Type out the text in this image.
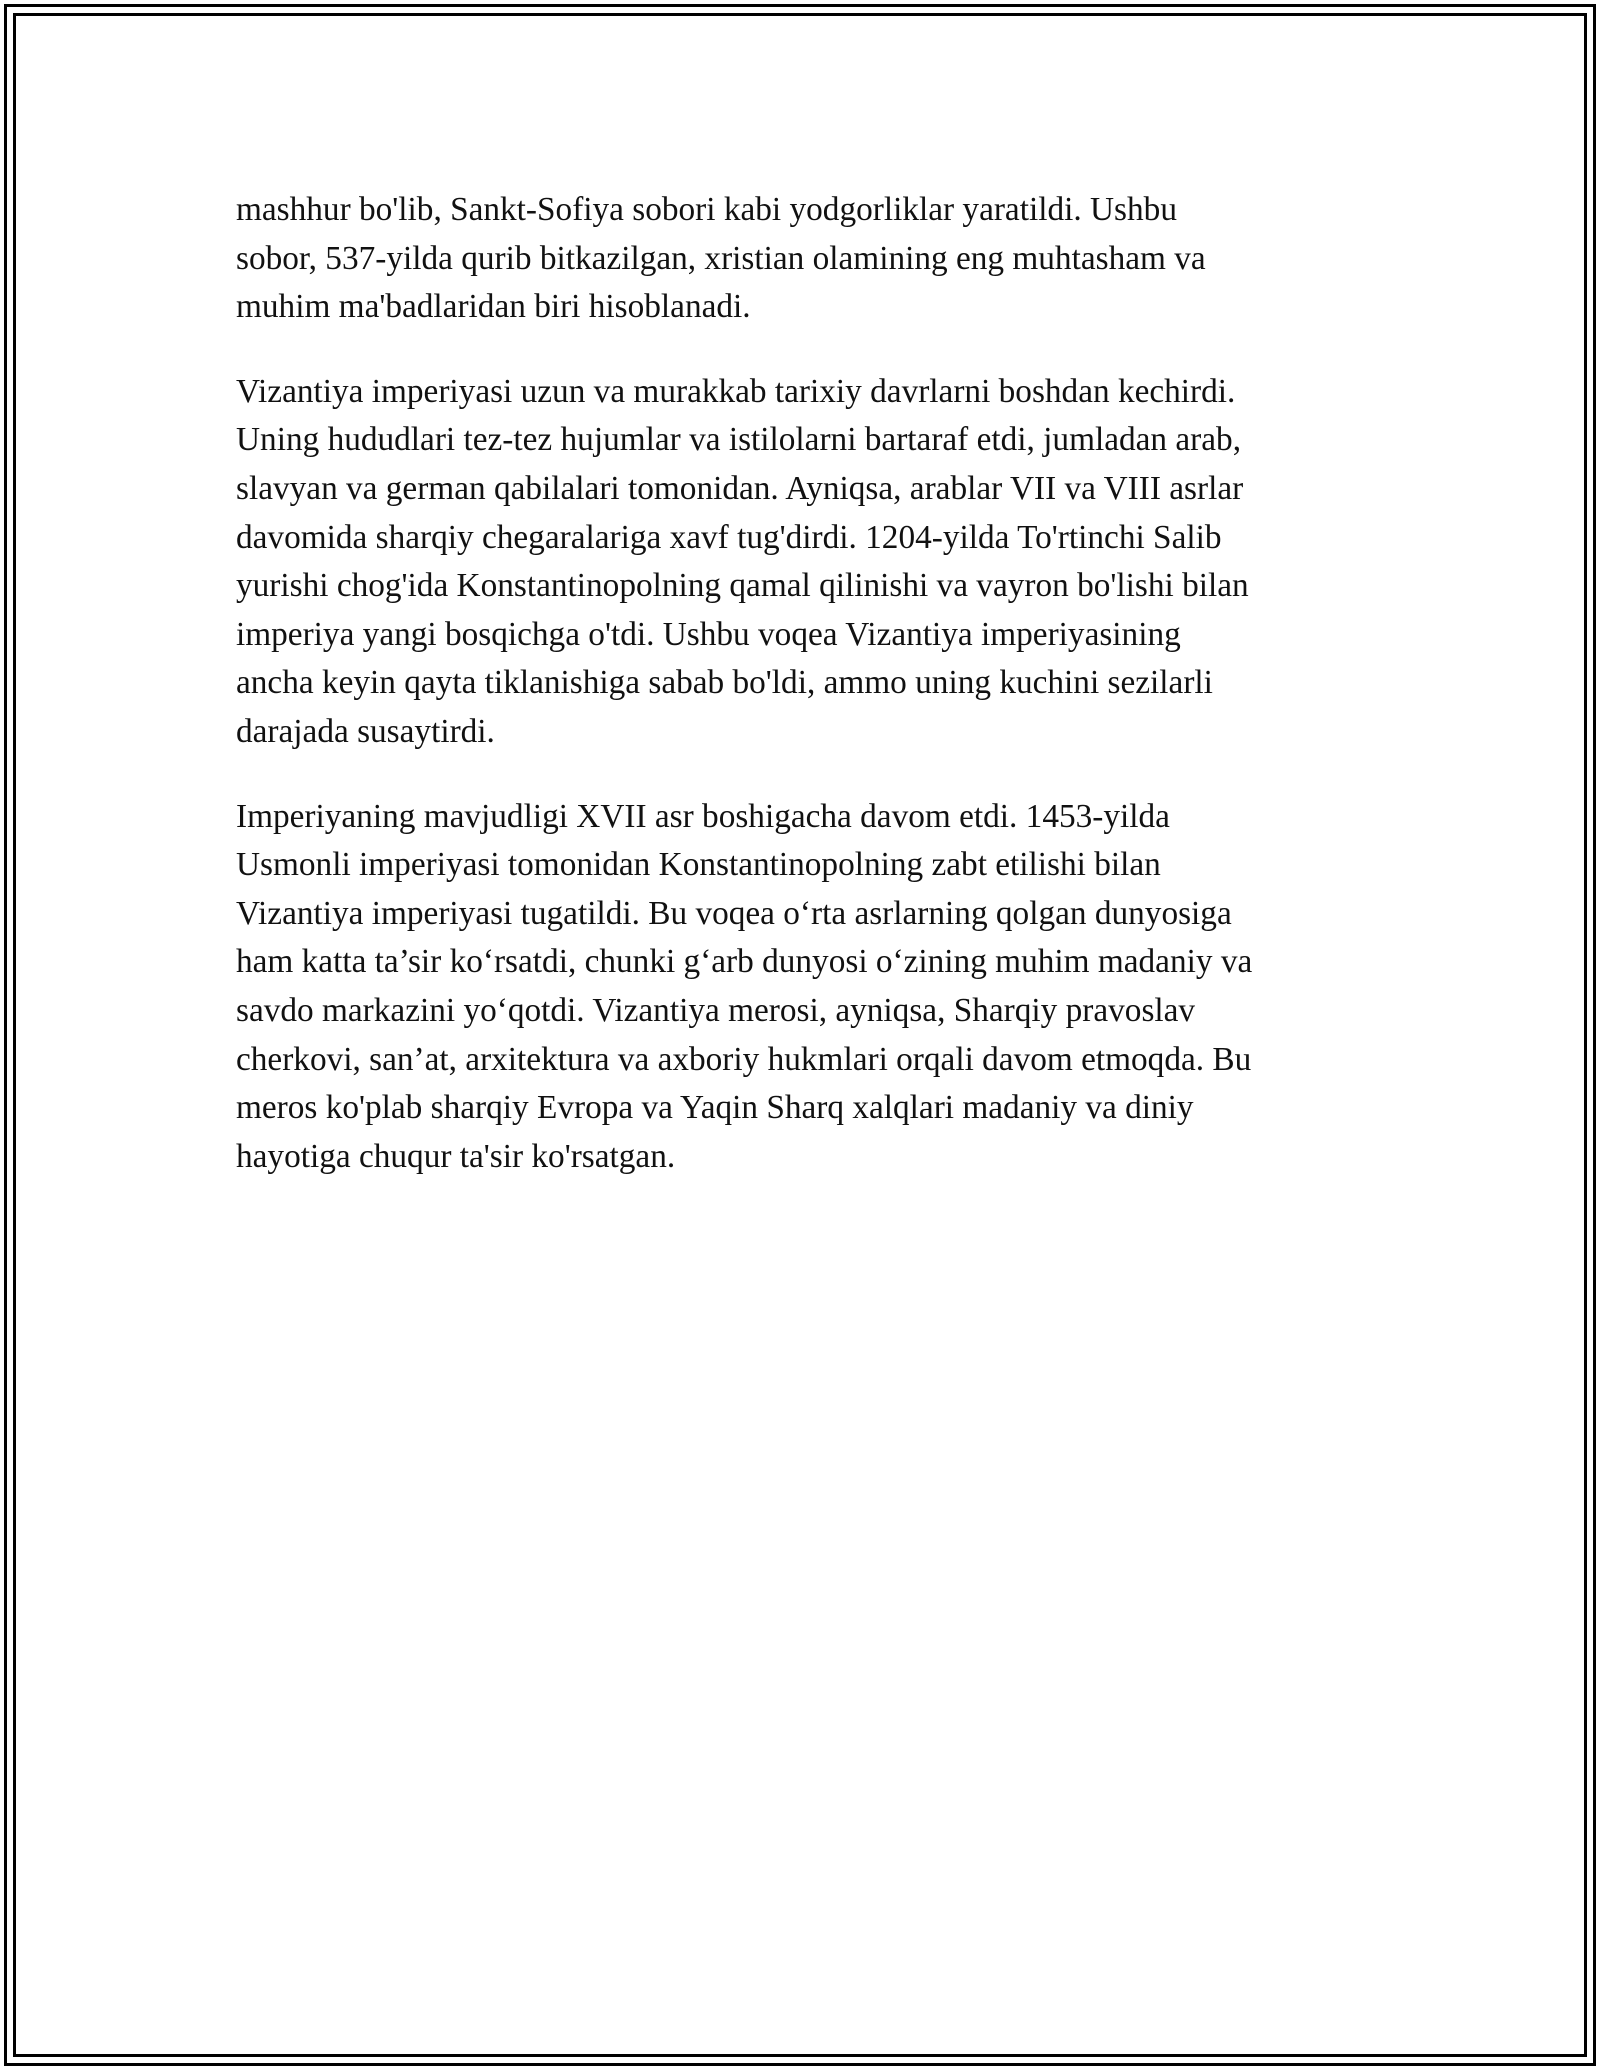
mashhur bo'lib, Sankt-Sofiya sobori kabi yodgorliklar yaratildi. Ushbu
sobor, 537-yilda qurib bitkazilgan, xristian olamining eng muhtasham va
muhim ma'badlaridan biri hisoblanadi.

Vizantiya imperiyasi uzun va murakkab tarixiy davrlarni boshdan kechirdi.
Uning hududlari tez-tez hujumlar va istilolarni bartaraf etdi, jumladan arab,
slavyan va german qabilalari tomonidan. Ayniqsa, arablar VII va VIII asrlar
davomida sharqiy chegaralariga xavf tug'dirdi. 1204-yilda To'rtinchi Salib
yurishi chog'ida Konstantinopolning qamal qilinishi va vayron bo'lishi bilan
imperiya yangi bosqichga o'tdi. Ushbu voqea Vizantiya imperiyasining
ancha keyin qayta tiklanishiga sabab bo'ldi, ammo uning kuchini sezilarli
darajada susaytirdi.

Imperiyaning mavjudligi XVII asr boshigacha davom etdi. 1453-yilda
Usmonli imperiyasi tomonidan Konstantinopolning zabt etilishi bilan
Vizantiya imperiyasi tugatildi. Bu voqea o‘rta asrlarning qolgan dunyosiga
ham katta ta’sir ko‘rsatdi, chunki g‘arb dunyosi o‘zining muhim madaniy va
savdo markazini yo‘qotdi. Vizantiya merosi, ayniqsa, Sharqiy pravoslav
cherkovi, san’at, arxitektura va axboriy hukmlari orqali davom etmoqda. Bu
meros ko'plab sharqiy Evropa va Yaqin Sharq xalqlari madaniy va diniy
hayotiga chuqur ta'sir ko'rsatgan.
